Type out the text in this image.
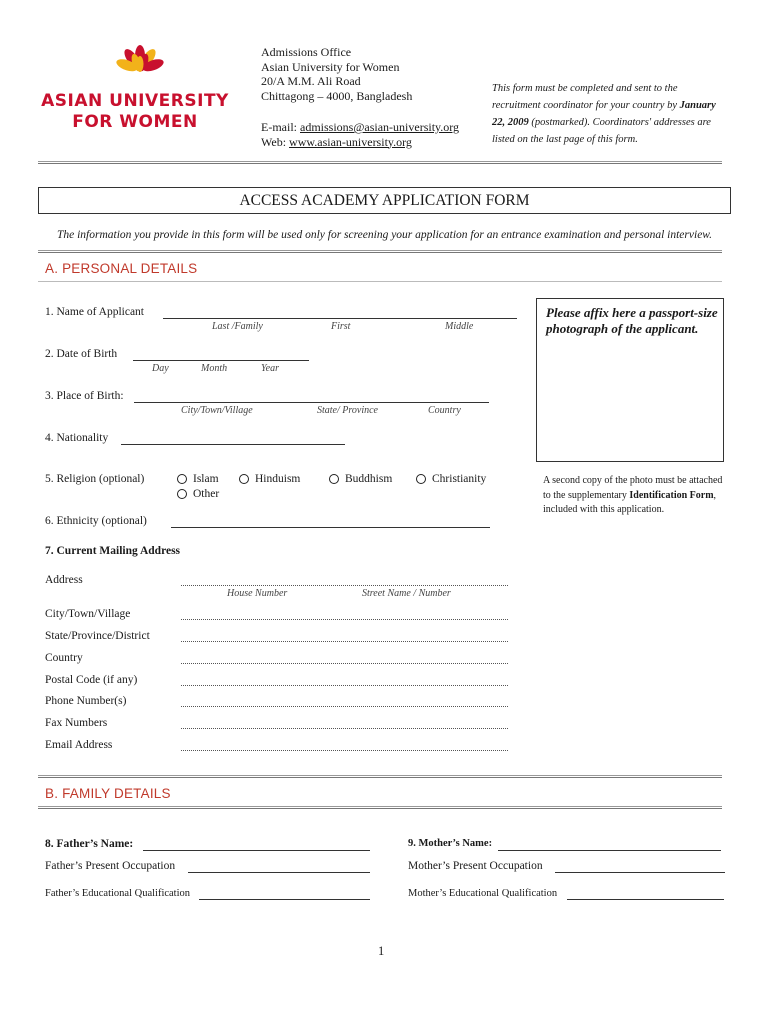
ASIAN UNIVERSITY
FOR WOMEN
Admissions Office
Asian University for Women
20/A M.M. Ali Road
Chittagong – 4000, Bangladesh
E-mail: admissions@asian-university.org
Web: www.asian-university.org
This form must be completed and sent to the recruitment coordinator for your country by January 22, 2009 (postmarked). Coordinators' addresses are listed on the last page of this form.
ACCESS ACADEMY APPLICATION FORM
The information you provide in this form will be used only for screening your application for an entrance examination and personal interview.
A. PERSONAL DETAILS
1. Name of Applicant
Last /Family	First	Middle
2. Date of Birth
Day	Month	Year
3. Place of Birth:
City/Town/Village	State/ Province	Country
4. Nationality
Please affix here a passport-size photograph of the applicant.
A second copy of the photo must be attached to the supplementary Identification Form, included with this application.
5. Religion (optional)	Islam	Hinduism	Buddhism	Christianity
Other
6. Ethnicity (optional)
7. Current Mailing Address
Address
House Number	Street Name / Number
City/Town/Village
State/Province/District
Country
Postal Code (if any)
Phone Number(s)
Fax Numbers
Email Address
B. FAMILY DETAILS
8. Father’s Name:	9. Mother’s Name:
Father’s Present Occupation	Mother’s Present Occupation
Father’s Educational Qualification	Mother’s Educational Qualification
1
